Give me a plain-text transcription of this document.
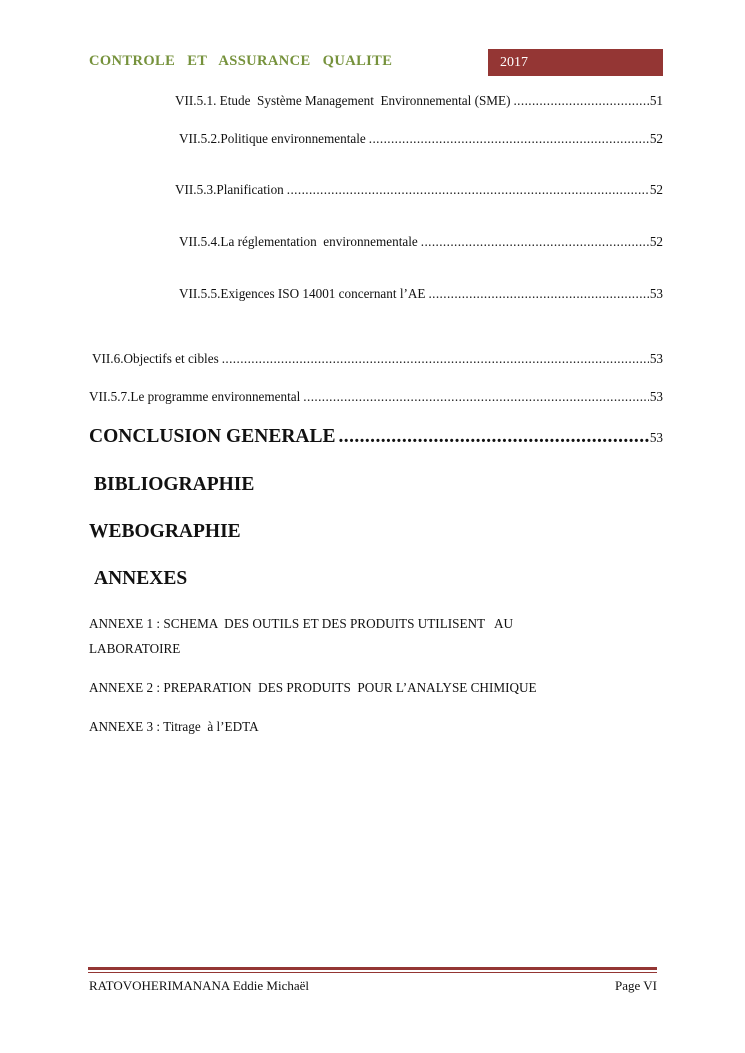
CONTROLE  ET  ASSURANCE  QUALITE	2017
VII.5.1. Etude  Système Management  Environnemental (SME) .....	51
VII.5.2.Politique environnementale .....	52
VII.5.3.Planification .....	52
VII.5.4.La réglementation  environnementale .....	52
VII.5.5.Exigences ISO 14001 concernant l’AE .....	53
VII.6.Objectifs et cibles .....	53
VII.5.7.Le programme environnemental .....	53
CONCLUSION GENERALE .....	53
BIBLIOGRAPHIE
WEBOGRAPHIE
ANNEXES
ANNEXE 1 : SCHEMA  DES OUTILS ET DES PRODUITS UTILISENT   AU
LABORATOIRE
ANNEXE 2 : PREPARATION  DES PRODUITS  POUR L’ANALYSE CHIMIQUE
ANNEXE 3 : Titrage  à l’EDTA
RATOVOHERIMANANA Eddie Michaël	Page VI
